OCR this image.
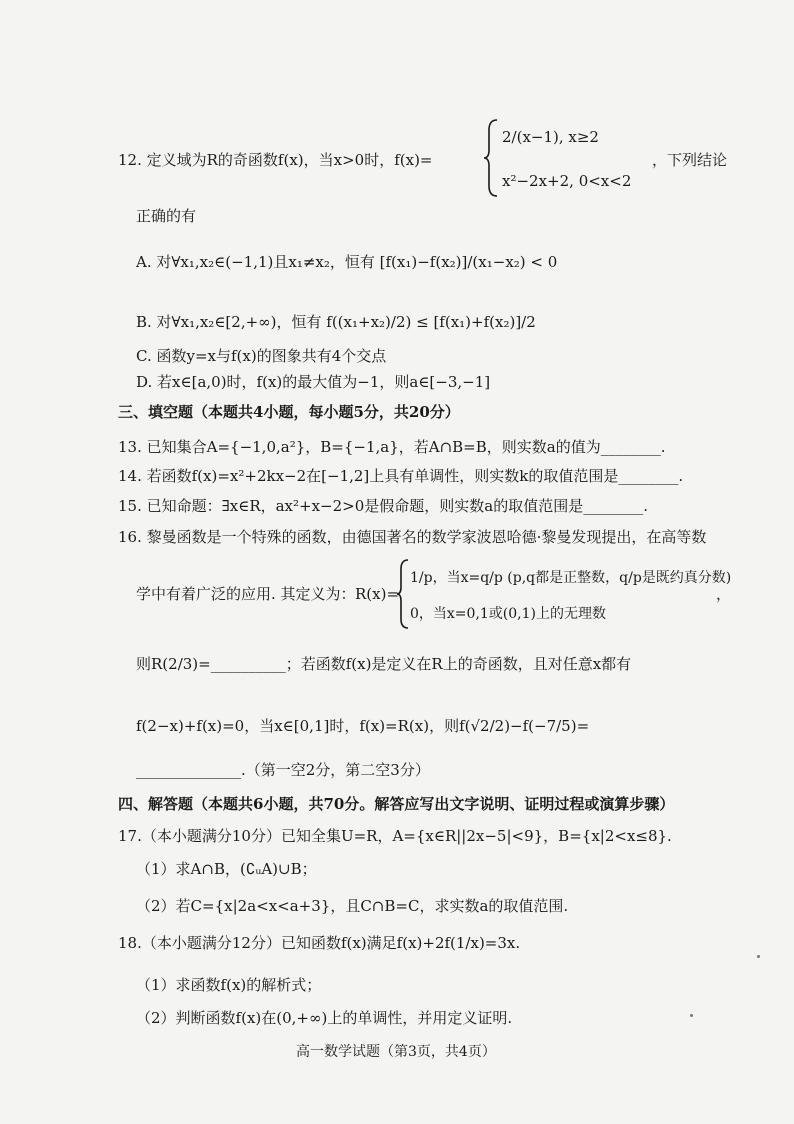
12. 定义域为R的奇函数f(x)，当x>0时，f(x)=
2/(x−1), x≥2
x²−2x+2, 0<x<2
，下列结论
正确的有
A. 对∀x₁,x₂∈(−1,1)且x₁≠x₂，恒有 [f(x₁)−f(x₂)]/(x₁−x₂) < 0
B. 对∀x₁,x₂∈[2,+∞)，恒有 f((x₁+x₂)/2) ≤ [f(x₁)+f(x₂)]/2
C. 函数y=x与f(x)的图象共有4个交点
D. 若x∈[a,0)时，f(x)的最大值为−1，则a∈[−3,−1]
三、填空题（本题共4小题，每小题5分，共20分）
13. 已知集合A={−1,0,a²}，B={−1,a}，若A∩B=B，则实数a的值为________.
14. 若函数f(x)=x²+2kx−2在[−1,2]上具有单调性，则实数k的取值范围是________.
15. 已知命题：∃x∈R，ax²+x−2>0是假命题，则实数a的取值范围是________.
16. 黎曼函数是一个特殊的函数，由德国著名的数学家波恩哈德·黎曼发现提出，在高等数
学中有着广泛的应用. 其定义为： R(x)=
1/p，当x=q/p (p,q都是正整数，q/p是既约真分数)
0，当x=0,1或(0,1)上的无理数
，
则R(2/3)=__________；若函数f(x)是定义在R上的奇函数，且对任意x都有
f(2−x)+f(x)=0，当x∈[0,1]时，f(x)=R(x)，则f(√2/2)−f(−7/5)=
______________.（第一空2分，第二空3分）
四、解答题（本题共6小题，共70分。解答应写出文字说明、证明过程或演算步骤）
17.（本小题满分10分）已知全集U=R，A={x∈R||2x−5|<9}，B={x|2<x≤8}.
（1）求A∩B，(∁ᵤA)∪B；
（2）若C={x|2a<x<a+3}，且C∩B=C，求实数a的取值范围.
18.（本小题满分12分）已知函数f(x)满足f(x)+2f(1/x)=3x.
（1）求函数f(x)的解析式；
（2）判断函数f(x)在(0,+∞)上的单调性，并用定义证明.
高一数学试题（第3页，共4页）
